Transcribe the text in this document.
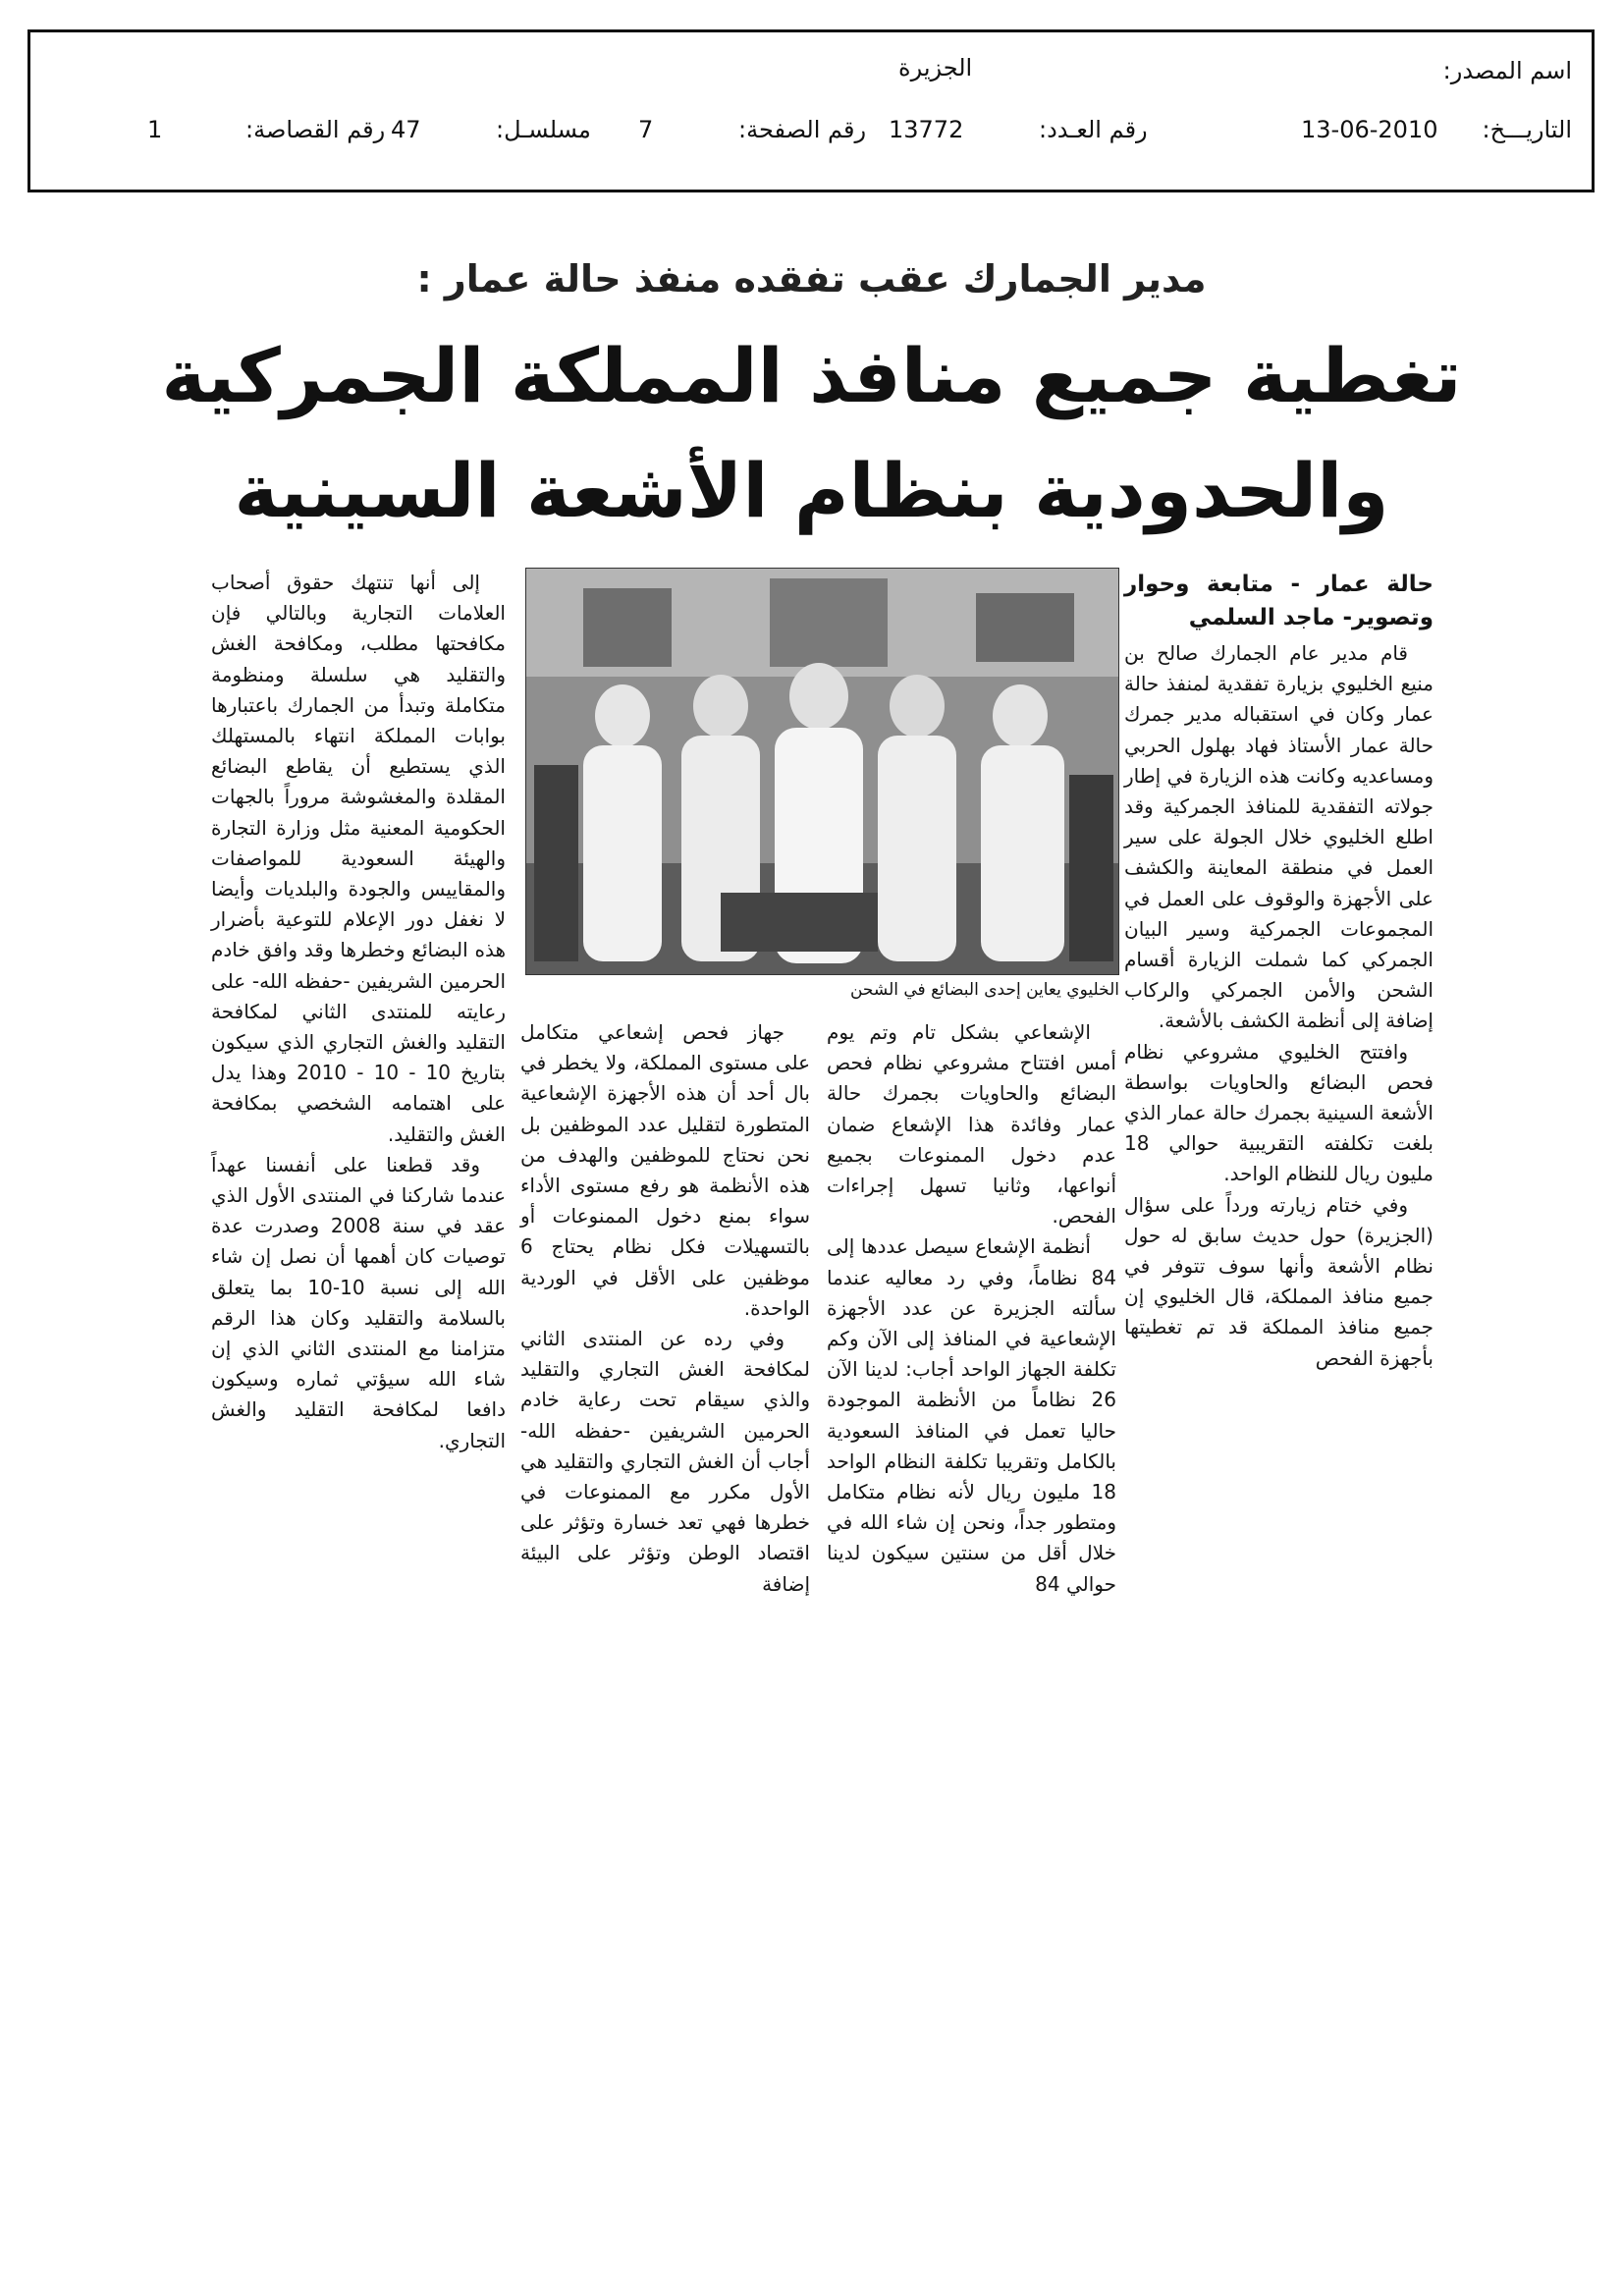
اسم المصدر:
الجزيرة
التاريـــخ:
13-06-2010
رقم العـدد:
13772
رقم الصفحة:
7
مسلسـل:
47
رقم القصاصة:
1
مدير الجمارك عقب تفقده منفذ حالة عمار :
تغطية جميع منافذ المملكة الجمركية
والحدودية بنظام الأشعة السينية
الخليوي يعاين إحدى البضائع في الشحن
حالة عمار - متابعة وحوار وتصوير- ماجد السلمي

قام مدير عام الجمارك صالح بن منيع الخليوي بزيارة تفقدية لمنفذ حالة عمار وكان في استقباله مدير جمرك حالة عمار الأستاذ فهاد بهلول الحربي ومساعديه وكانت هذه الزيارة في إطار جولاته التفقدية للمنافذ الجمركية وقد اطلع الخليوي خلال الجولة على سير العمل في منطقة المعاينة والكشف على الأجهزة والوقوف على العمل في المجموعات الجمركية وسير البيان الجمركي كما شملت الزيارة أقسام الشحن والأمن الجمركي والركاب إضافة إلى أنظمة الكشف بالأشعة.

وافتتح الخليوي مشروعي نظام فحص البضائع والحاويات بواسطة الأشعة السينية بجمرك حالة عمار الذي بلغت تكلفته التقريبية حوالي 18 مليون ريال للنظام الواحد.

وفي ختام زيارته ورداً على سؤال (الجزيرة) حول حديث سابق له حول نظام الأشعة وأنها سوف تتوفر في جميع منافذ المملكة، قال الخليوي إن جميع منافذ المملكة قد تم تغطيتها بأجهزة الفحص

الإشعاعي بشكل تام وتم يوم أمس افتتاح مشروعي نظام فحص البضائع والحاويات بجمرك حالة عمار وفائدة هذا الإشعاع ضمان عدم دخول الممنوعات بجميع أنواعها، وثانيا تسهل إجراءات الفحص.

أنظمة الإشعاع سيصل عددها إلى 84 نظاماً، وفي رد معاليه عندما سألته الجزيرة عن عدد الأجهزة الإشعاعية في المنافذ إلى الآن وكم تكلفة الجهاز الواحد أجاب: لدينا الآن 26 نظاماً من الأنظمة الموجودة حاليا تعمل في المنافذ السعودية بالكامل وتقريبا تكلفة النظام الواحد 18 مليون ريال لأنه نظام متكامل ومتطور جداً، ونحن إن شاء الله في خلال أقل من سنتين سيكون لدينا حوالي 84

جهاز فحص إشعاعي متكامل على مستوى المملكة، ولا يخطر في بال أحد أن هذه الأجهزة الإشعاعية المتطورة لتقليل عدد الموظفين بل نحن نحتاج للموظفين والهدف من هذه الأنظمة هو رفع مستوى الأداء سواء بمنع دخول الممنوعات أو بالتسهيلات فكل نظام يحتاج 6 موظفين على الأقل في الوردية الواحدة.

وفي رده عن المنتدى الثاني لمكافحة الغش التجاري والتقليد والذي سيقام تحت رعاية خادم الحرمين الشريفين -حفظه الله- أجاب أن الغش التجاري والتقليد هي الأول مكرر مع الممنوعات في خطرها فهي تعد خسارة وتؤثر على اقتصاد الوطن وتؤثر على البيئة إضافة

إلى أنها تنتهك حقوق أصحاب العلامات التجارية وبالتالي فإن مكافحتها مطلب، ومكافحة الغش والتقليد هي سلسلة ومنظومة متكاملة وتبدأ من الجمارك باعتبارها بوابات المملكة انتهاء بالمستهلك الذي يستطيع أن يقاطع البضائع المقلدة والمغشوشة مروراً بالجهات الحكومية المعنية مثل وزارة التجارة والهيئة السعودية للمواصفات والمقاييس والجودة والبلديات وأيضا لا نغفل دور الإعلام للتوعية بأضرار هذه البضائع وخطرها وقد وافق خادم الحرمين الشريفين -حفظه الله- على رعايته للمنتدى الثاني لمكافحة التقليد والغش التجاري الذي سيكون بتاريخ 10 - 10 - 2010 وهذا يدل على اهتمامه الشخصي بمكافحة الغش والتقليد.

وقد قطعنا على أنفسنا عهداً عندما شاركنا في المنتدى الأول الذي عقد في سنة 2008 وصدرت عدة توصيات كان أهمها أن نصل إن شاء الله إلى نسبة 10-10 بما يتعلق بالسلامة والتقليد وكان هذا الرقم متزامنا مع المنتدى الثاني الذي إن شاء الله سيؤتي ثماره وسيكون دافعا لمكافحة التقليد والغش التجاري.
